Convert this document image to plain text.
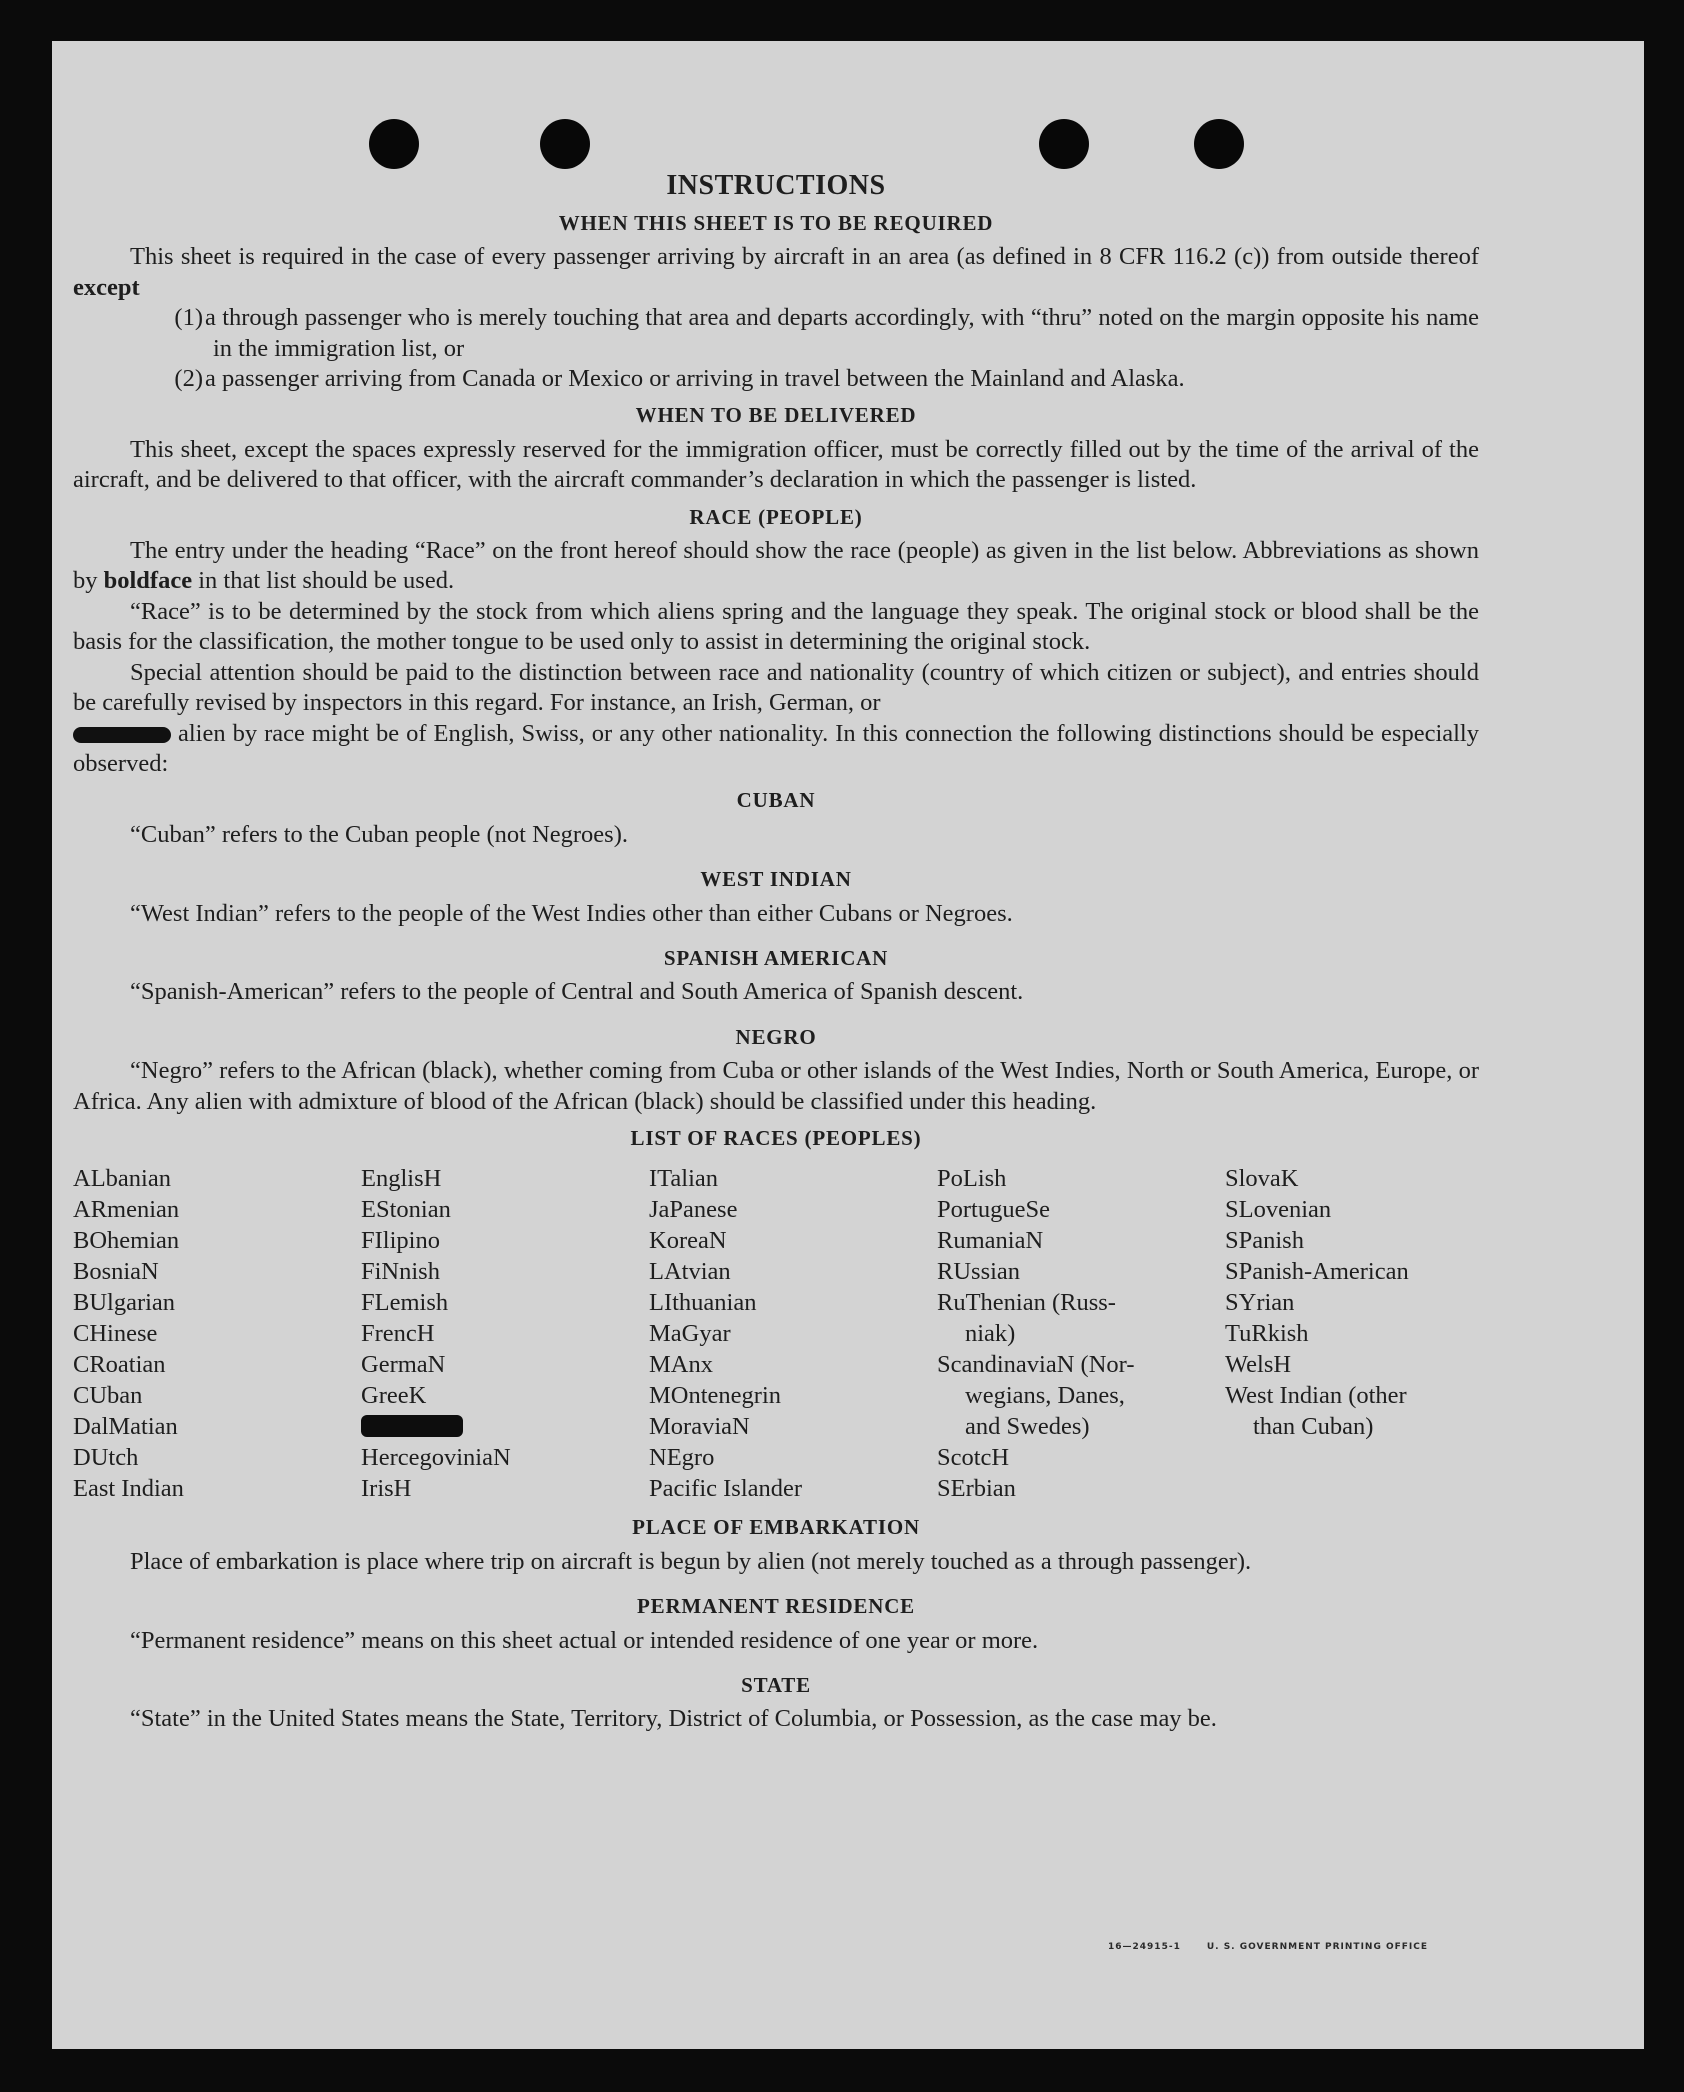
INSTRUCTIONS
WHEN THIS SHEET IS TO BE REQUIRED

This sheet is required in the case of every passenger arriving by aircraft in an area (as defined in 8 CFR 116.2 (c)) from outside thereof except

(1) a through passenger who is merely touching that area and departs accordingly, with “thru” noted on the margin opposite his name in the immigration list, or
(2) a passenger arriving from Canada or Mexico or arriving in travel between the Mainland and Alaska.
WHEN TO BE DELIVERED

This sheet, except the spaces expressly reserved for the immigration officer, must be correctly filled out by the time of the arrival of the aircraft, and be delivered to that officer, with the aircraft commander’s declaration in which the passenger is listed.

RACE (PEOPLE)

The entry under the heading “Race” on the front hereof should show the race (people) as given in the list below. Abbreviations as shown by boldface in that list should be used.

“Race” is to be determined by the stock from which aliens spring and the language they speak. The original stock or blood shall be the basis for the classification, the mother tongue to be used only to assist in determining the original stock.

Special attention should be paid to the distinction between race and nationality (country of which citizen or subject), and entries should be carefully revised by inspectors in this regard. For instance, an Irish, German, or
alien by race might be of English, Swiss, or any other nationality. In this connection the following distinctions should be especially observed:

CUBAN

“Cuban” refers to the Cuban people (not Negroes).

WEST INDIAN

“West Indian” refers to the people of the West Indies other than either Cubans or Negroes.

SPANISH AMERICAN

“Spanish-American” refers to the people of Central and South America of Spanish descent.

NEGRO

“Negro” refers to the African (black), whether coming from Cuba or other islands of the West Indies, North or South America, Europe, or Africa. Any alien with admixture of blood of the African (black) should be classified under this heading.

LIST OF RACES (PEOPLES)
ALbanian
ARmenian
BOhemian
BosniaN
BUlgarian
CHinese
CRoatian
CUban
DalMatian
DUtch
East Indian
EnglisH
EStonian
FIlipino
FiNnish
FLemish
FrencH
GermaN
GreeK
HercegoviniaN
IrisH
ITalian
JaPanese
KoreaN
LAtvian
LIthuanian
MaGyar
MAnx
MOntenegrin
MoraviaN
NEgro
Pacific Islander
PoLish
PortugueSe
RumaniaN
RUssian
RuThenian (Russ-
niak)
ScandinaviaN (Nor-
wegians, Danes,
and Swedes)
ScotcH
SErbian
SlovaK
SLovenian
SPanish
SPanish-American
SYrian
TuRkish
WelsH
West Indian (other
than Cuban)
PLACE OF EMBARKATION

Place of embarkation is place where trip on aircraft is begun by alien (not merely touched as a through passenger).

PERMANENT RESIDENCE

“Permanent residence” means on this sheet actual or intended residence of one year or more.

STATE

“State” in the United States means the State, Territory, District of Columbia, or Possession, as the case may be.

16—24915-1	U. S. GOVERNMENT PRINTING OFFICE
